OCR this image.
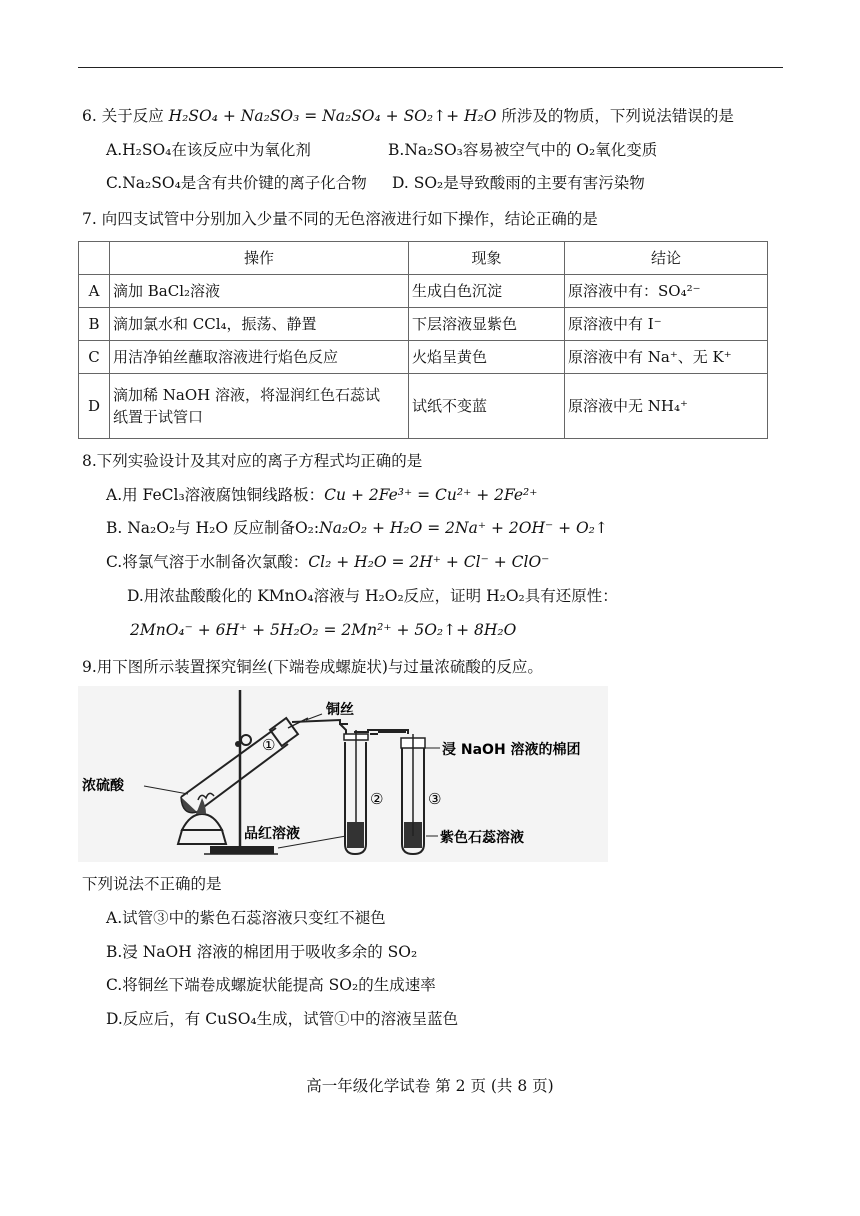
6. 关于反应 H₂SO₄ + Na₂SO₃ = Na₂SO₄ + SO₂↑+ H₂O 所涉及的物质，下列说法错误的是
A.H₂SO₄在该反应中为氧化剂	B.Na₂SO₃容易被空气中的 O₂氧化变质
C.Na₂SO₄是含有共价键的离子化合物 D. SO₂是导致酸雨的主要有害污染物
7. 向四支试管中分别加入少量不同的无色溶液进行如下操作，结论正确的是
	操作	现象	结论
A	滴加 BaCl₂溶液	生成白色沉淀	原溶液中有：SO₄²⁻
B	滴加氯水和 CCl₄，振荡、静置	下层溶液显紫色	原溶液中有 I⁻
C	用洁净铂丝蘸取溶液进行焰色反应	火焰呈黄色	原溶液中有 Na⁺、无 K⁺
D	滴加稀 NaOH 溶液，将湿润红色石蕊试
纸置于试管口	试纸不变蓝	原溶液中无 NH₄⁺
8.下列实验设计及其对应的离子方程式均正确的是
A.用 FeCl₃溶液腐蚀铜线路板：Cu + 2Fe³⁺ = Cu²⁺ + 2Fe²⁺
B. Na₂O₂与 H₂O 反应制备O₂:Na₂O₂ + H₂O = 2Na⁺ + 2OH⁻ + O₂↑
C.将氯气溶于水制备次氯酸：Cl₂ + H₂O = 2H⁺ + Cl⁻ + ClO⁻
D.用浓盐酸酸化的 KMnO₄溶液与 H₂O₂反应，证明 H₂O₂具有还原性：
2MnO₄⁻ + 6H⁺ + 5H₂O₂ = 2Mn²⁺ + 5O₂↑+ 8H₂O
9.用下图所示装置探究铜丝(下端卷成螺旋状)与过量浓硫酸的反应。
铜丝
浸 NaOH 溶液的棉团
浓硫酸
①
②	③
品红溶液	紫色石蕊溶液
下列说法不正确的是
A.试管③中的紫色石蕊溶液只变红不褪色
B.浸 NaOH 溶液的棉团用于吸收多余的 SO₂
C.将铜丝下端卷成螺旋状能提高 SO₂的生成速率
D.反应后，有 CuSO₄生成，试管①中的溶液呈蓝色
高一年级化学试卷 第 2 页 (共 8 页)
